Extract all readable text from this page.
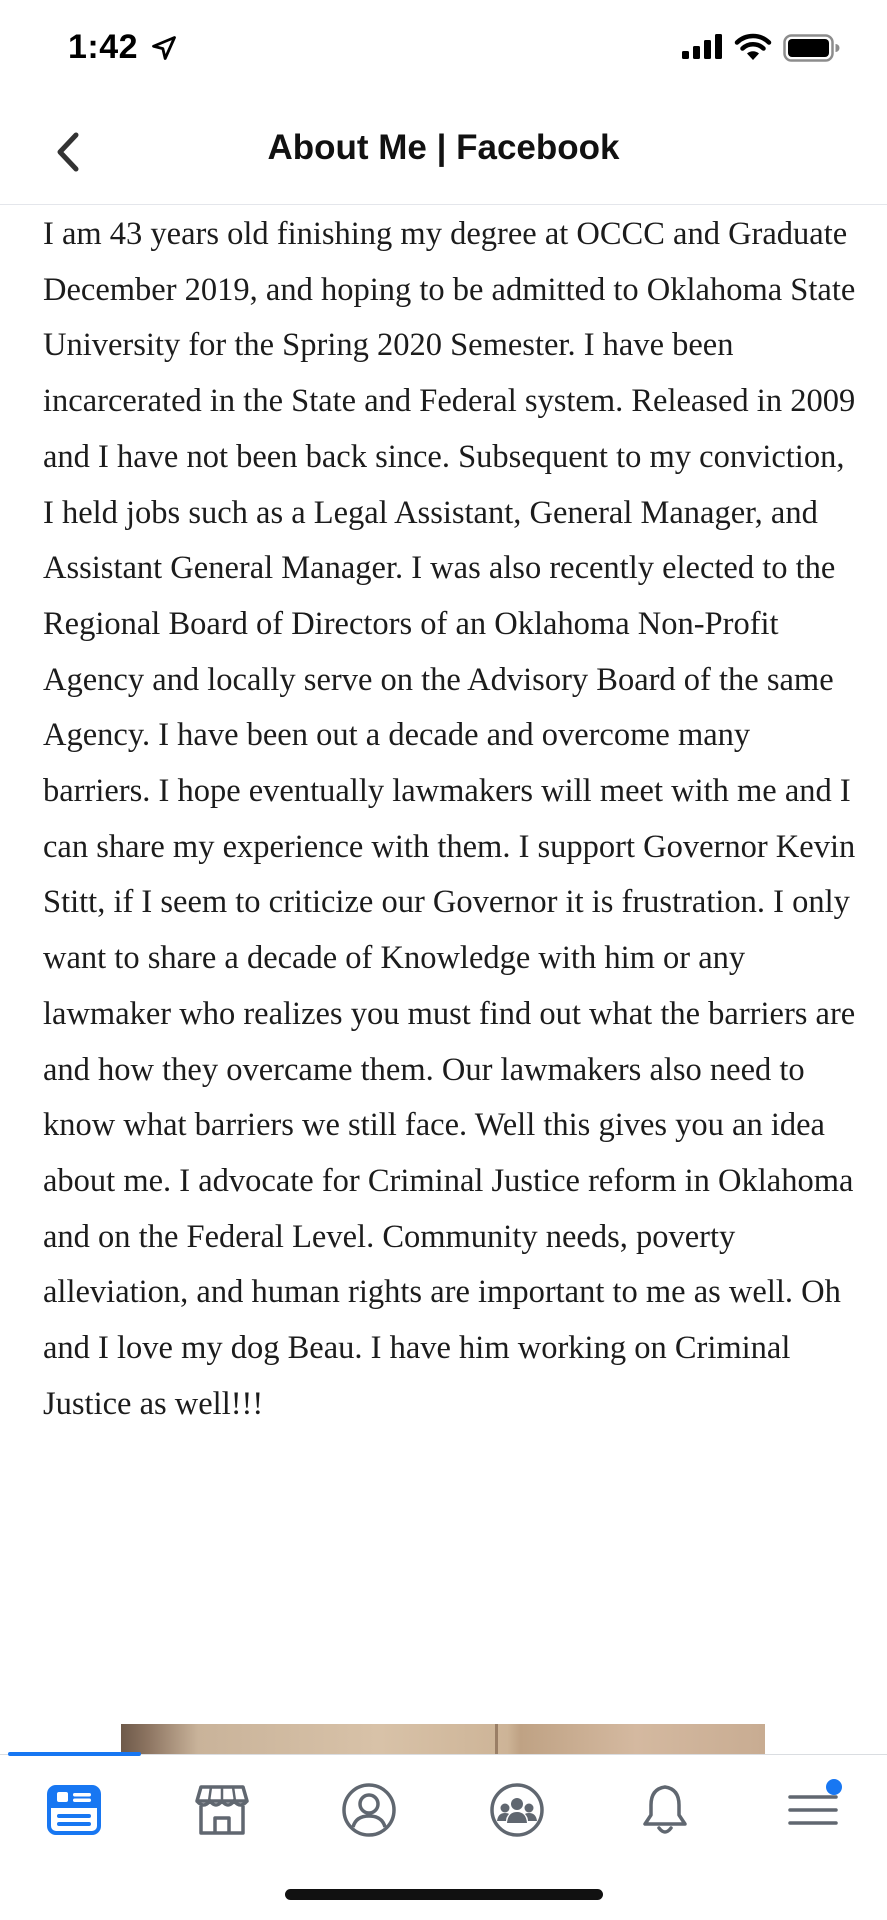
1:42
About Me | Facebook

I am 43 years old finishing my degree at OCCC and Graduate December 2019, and hoping to be admitted to Oklahoma State University for the Spring 2020 Semester. I have been incarcerated in the State and Federal system. Released in 2009 and I have not been back since. Subsequent to my conviction, I held jobs such as a Legal Assistant, General Manager, and Assistant General Manager. I was also recently elected to the Regional Board of Directors of an Oklahoma Non-Profit Agency and locally serve on the Advisory Board of the same Agency. I have been out a decade and overcome many barriers. I hope eventually lawmakers will meet with me and I can share my experience with them. I support Governor Kevin Stitt, if I seem to criticize our Governor it is frustration. I only want to share a decade of Knowledge with him or any lawmaker who realizes you must find out what the barriers are and how they overcame them. Our lawmakers also need to know what barriers we still face. Well this gives you an idea about me. I advocate for Criminal Justice reform in Oklahoma and on the Federal Level. Community needs, poverty alleviation, and human rights are important to me as well. Oh and I love my dog Beau. I have him working on Criminal Justice as well!!!
